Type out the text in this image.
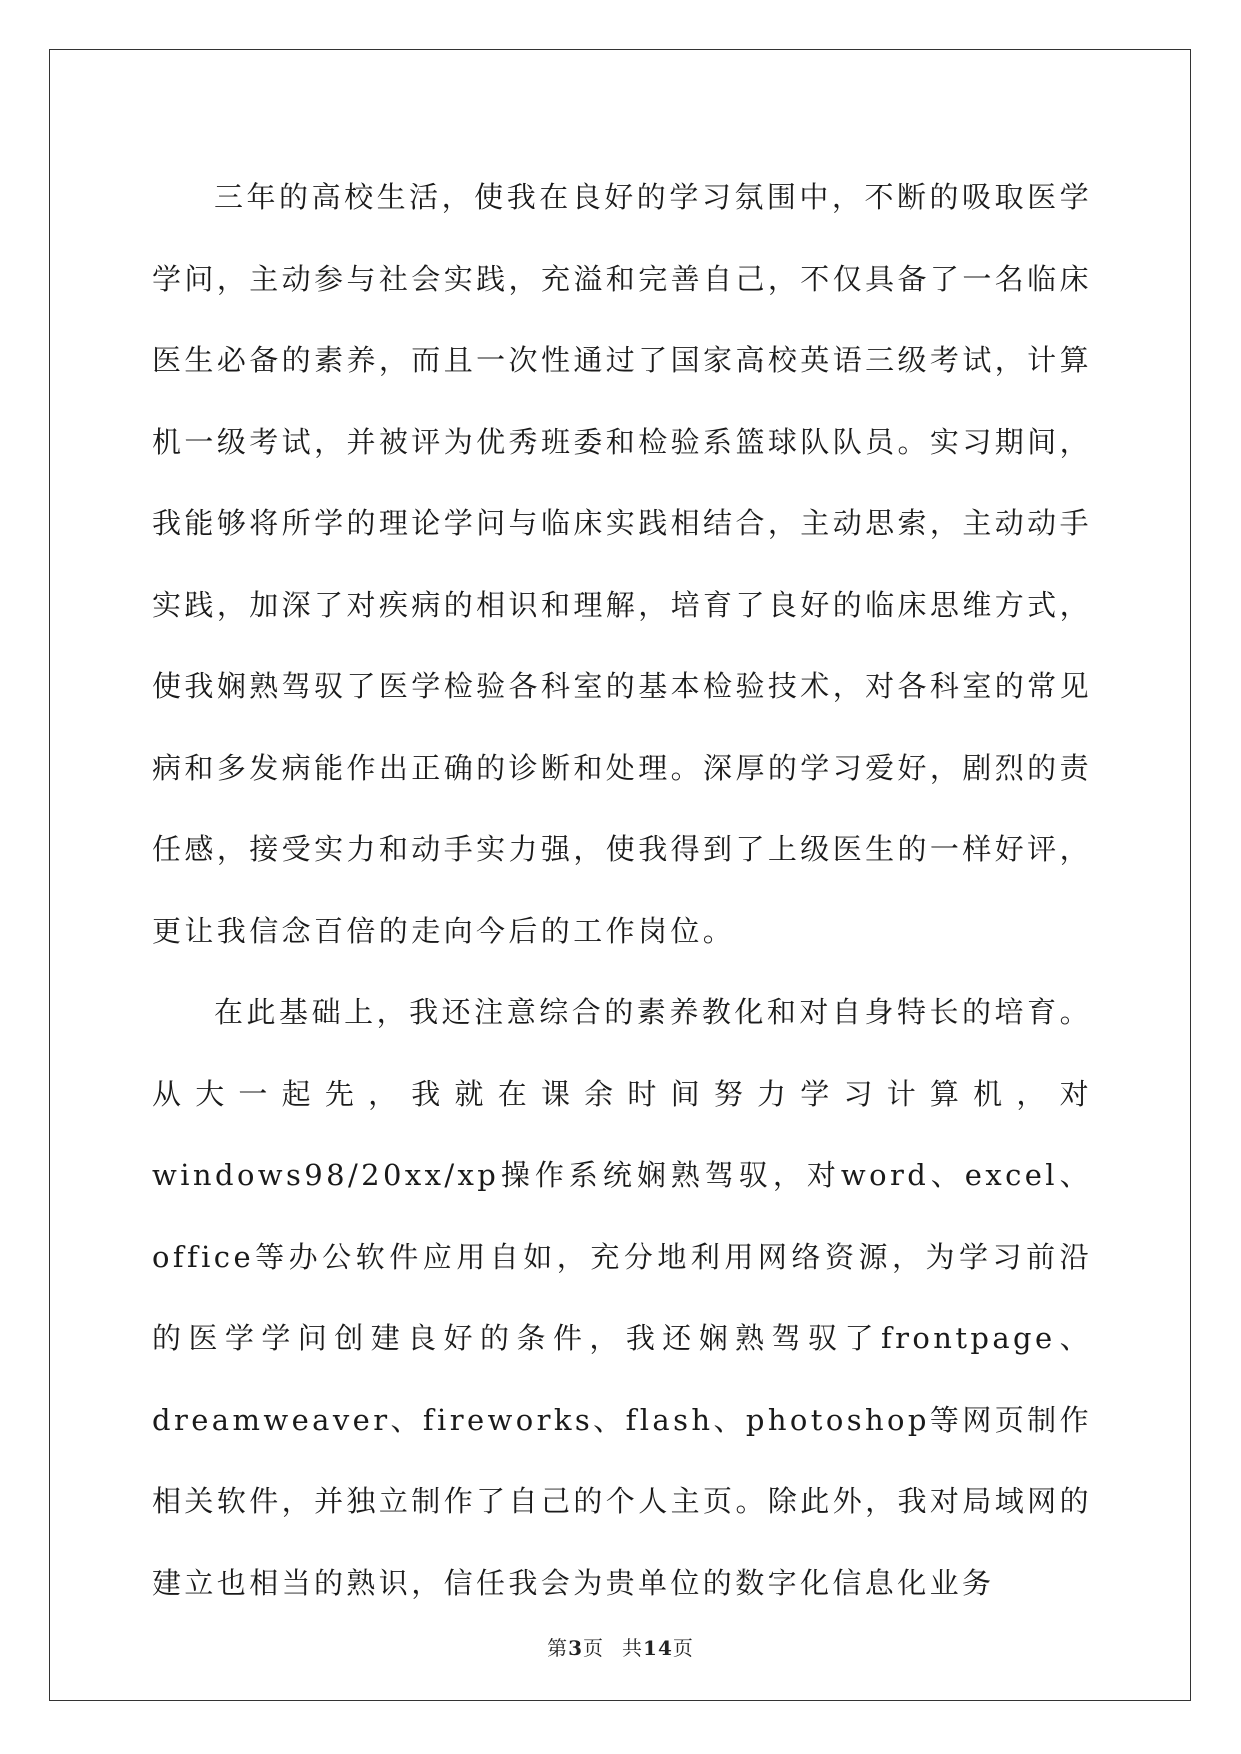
三年的高校生活，使我在良好的学习氛围中，不断的吸取医学学问，主动参与社会实践，充溢和完善自己，不仅具备了一名临床医生必备的素养，而且一次性通过了国家高校英语三级考试，计算机一级考试，并被评为优秀班委和检验系篮球队队员。实习期间，我能够将所学的理论学问与临床实践相结合，主动思索，主动动手实践，加深了对疾病的相识和理解，培育了良好的临床思维方式，使我娴熟驾驭了医学检验各科室的基本检验技术，对各科室的常见病和多发病能作出正确的诊断和处理。深厚的学习爱好，剧烈的责任感，接受实力和动手实力强，使我得到了上级医生的一样好评，更让我信念百倍的走向今后的工作岗位。

在此基础上，我还注意综合的素养教化和对自身特长的培育。从大一起先，我就在课余时间努力学习计算机，对windows98/20xx/xp操作系统娴熟驾驭，对word、excel、office等办公软件应用自如，充分地利用网络资源，为学习前沿的医学学问创建良好的条件，我还娴熟驾驭了frontpage、dreamweaver、fireworks、flash、photoshop等网页制作相关软件，并独立制作了自己的个人主页。除此外，我对局域网的建立也相当的熟识，信任我会为贵单位的数字化信息化业务

第3页 共14页
